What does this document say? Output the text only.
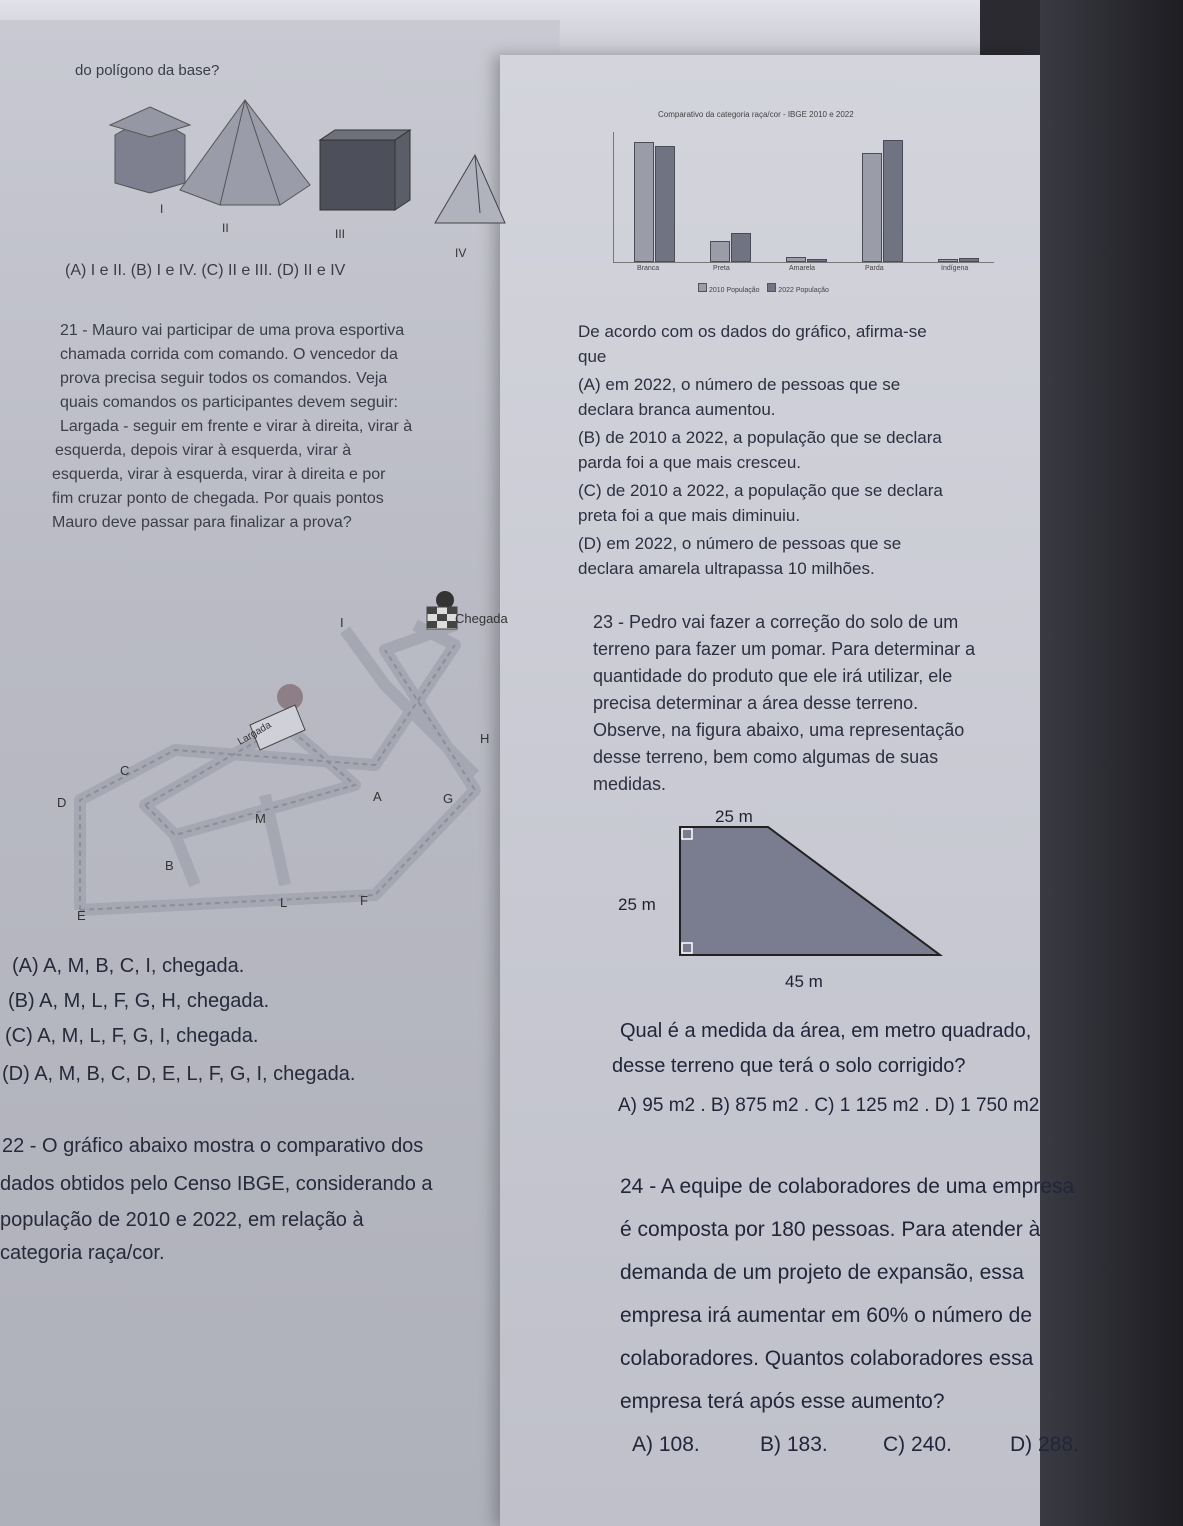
do polígono da base?
I
II	III
IV
(A) I e II. (B) I e IV. (C) II e III. (D) II e IV
21 - Mauro vai participar de uma prova esportiva
chamada corrida com comando. O vencedor da
prova precisa seguir todos os comandos. Veja
quais comandos os participantes devem seguir:
Largada - seguir em frente e virar à direita, virar à
esquerda, depois virar à esquerda, virar à
esquerda, virar à esquerda, virar à direita e por
fim cruzar ponto de chegada. Por quais pontos
Mauro deve passar para finalizar a prova?
Chegada
Largada
I
H
C
D	A	G
M
B
E
L	F
(A) A, M, B, C, I, chegada.
(B) A, M, L, F, G, H, chegada.
(C) A, M, L, F, G, I, chegada.
(D) A, M, B, C, D, E, L, F, G, I, chegada.
22 - O gráfico abaixo mostra o comparativo dos
dados obtidos pelo Censo IBGE, considerando a
população de 2010 e 2022, em relação à
categoria raça/cor.
Comparativo da categoria raça/cor - IBGE 2010 e 2022
Branca	Preta	Amarela	Parda	Indígena
2010 População	2022 População
De acordo com os dados do gráfico, afirma-se
que
(A) em 2022, o número de pessoas que se
declara branca aumentou.
(B) de 2010 a 2022, a população que se declara
parda foi a que mais cresceu.
(C) de 2010 a 2022, a população que se declara
preta foi a que mais diminuiu.
(D) em 2022, o número de pessoas que se
declara amarela ultrapassa 10 milhões.
23 - Pedro vai fazer a correção do solo de um
terreno para fazer um pomar. Para determinar a
quantidade do produto que ele irá utilizar, ele
precisa determinar a área desse terreno.
Observe, na figura abaixo, uma representação
desse terreno, bem como algumas de suas
medidas.
25 m
25 m
45 m
Qual é a medida da área, em metro quadrado,
desse terreno que terá o solo corrigido?
A) 95 m2 . B) 875 m2 . C) 1 125 m2 . D) 1 750 m2
24 - A equipe de colaboradores de uma empresa
é composta por 180 pessoas. Para atender à
demanda de um projeto de expansão, essa
empresa irá aumentar em 60% o número de
colaboradores. Quantos colaboradores essa
empresa terá após esse aumento?
A) 108.	B) 183.	C) 240.	D) 288.
